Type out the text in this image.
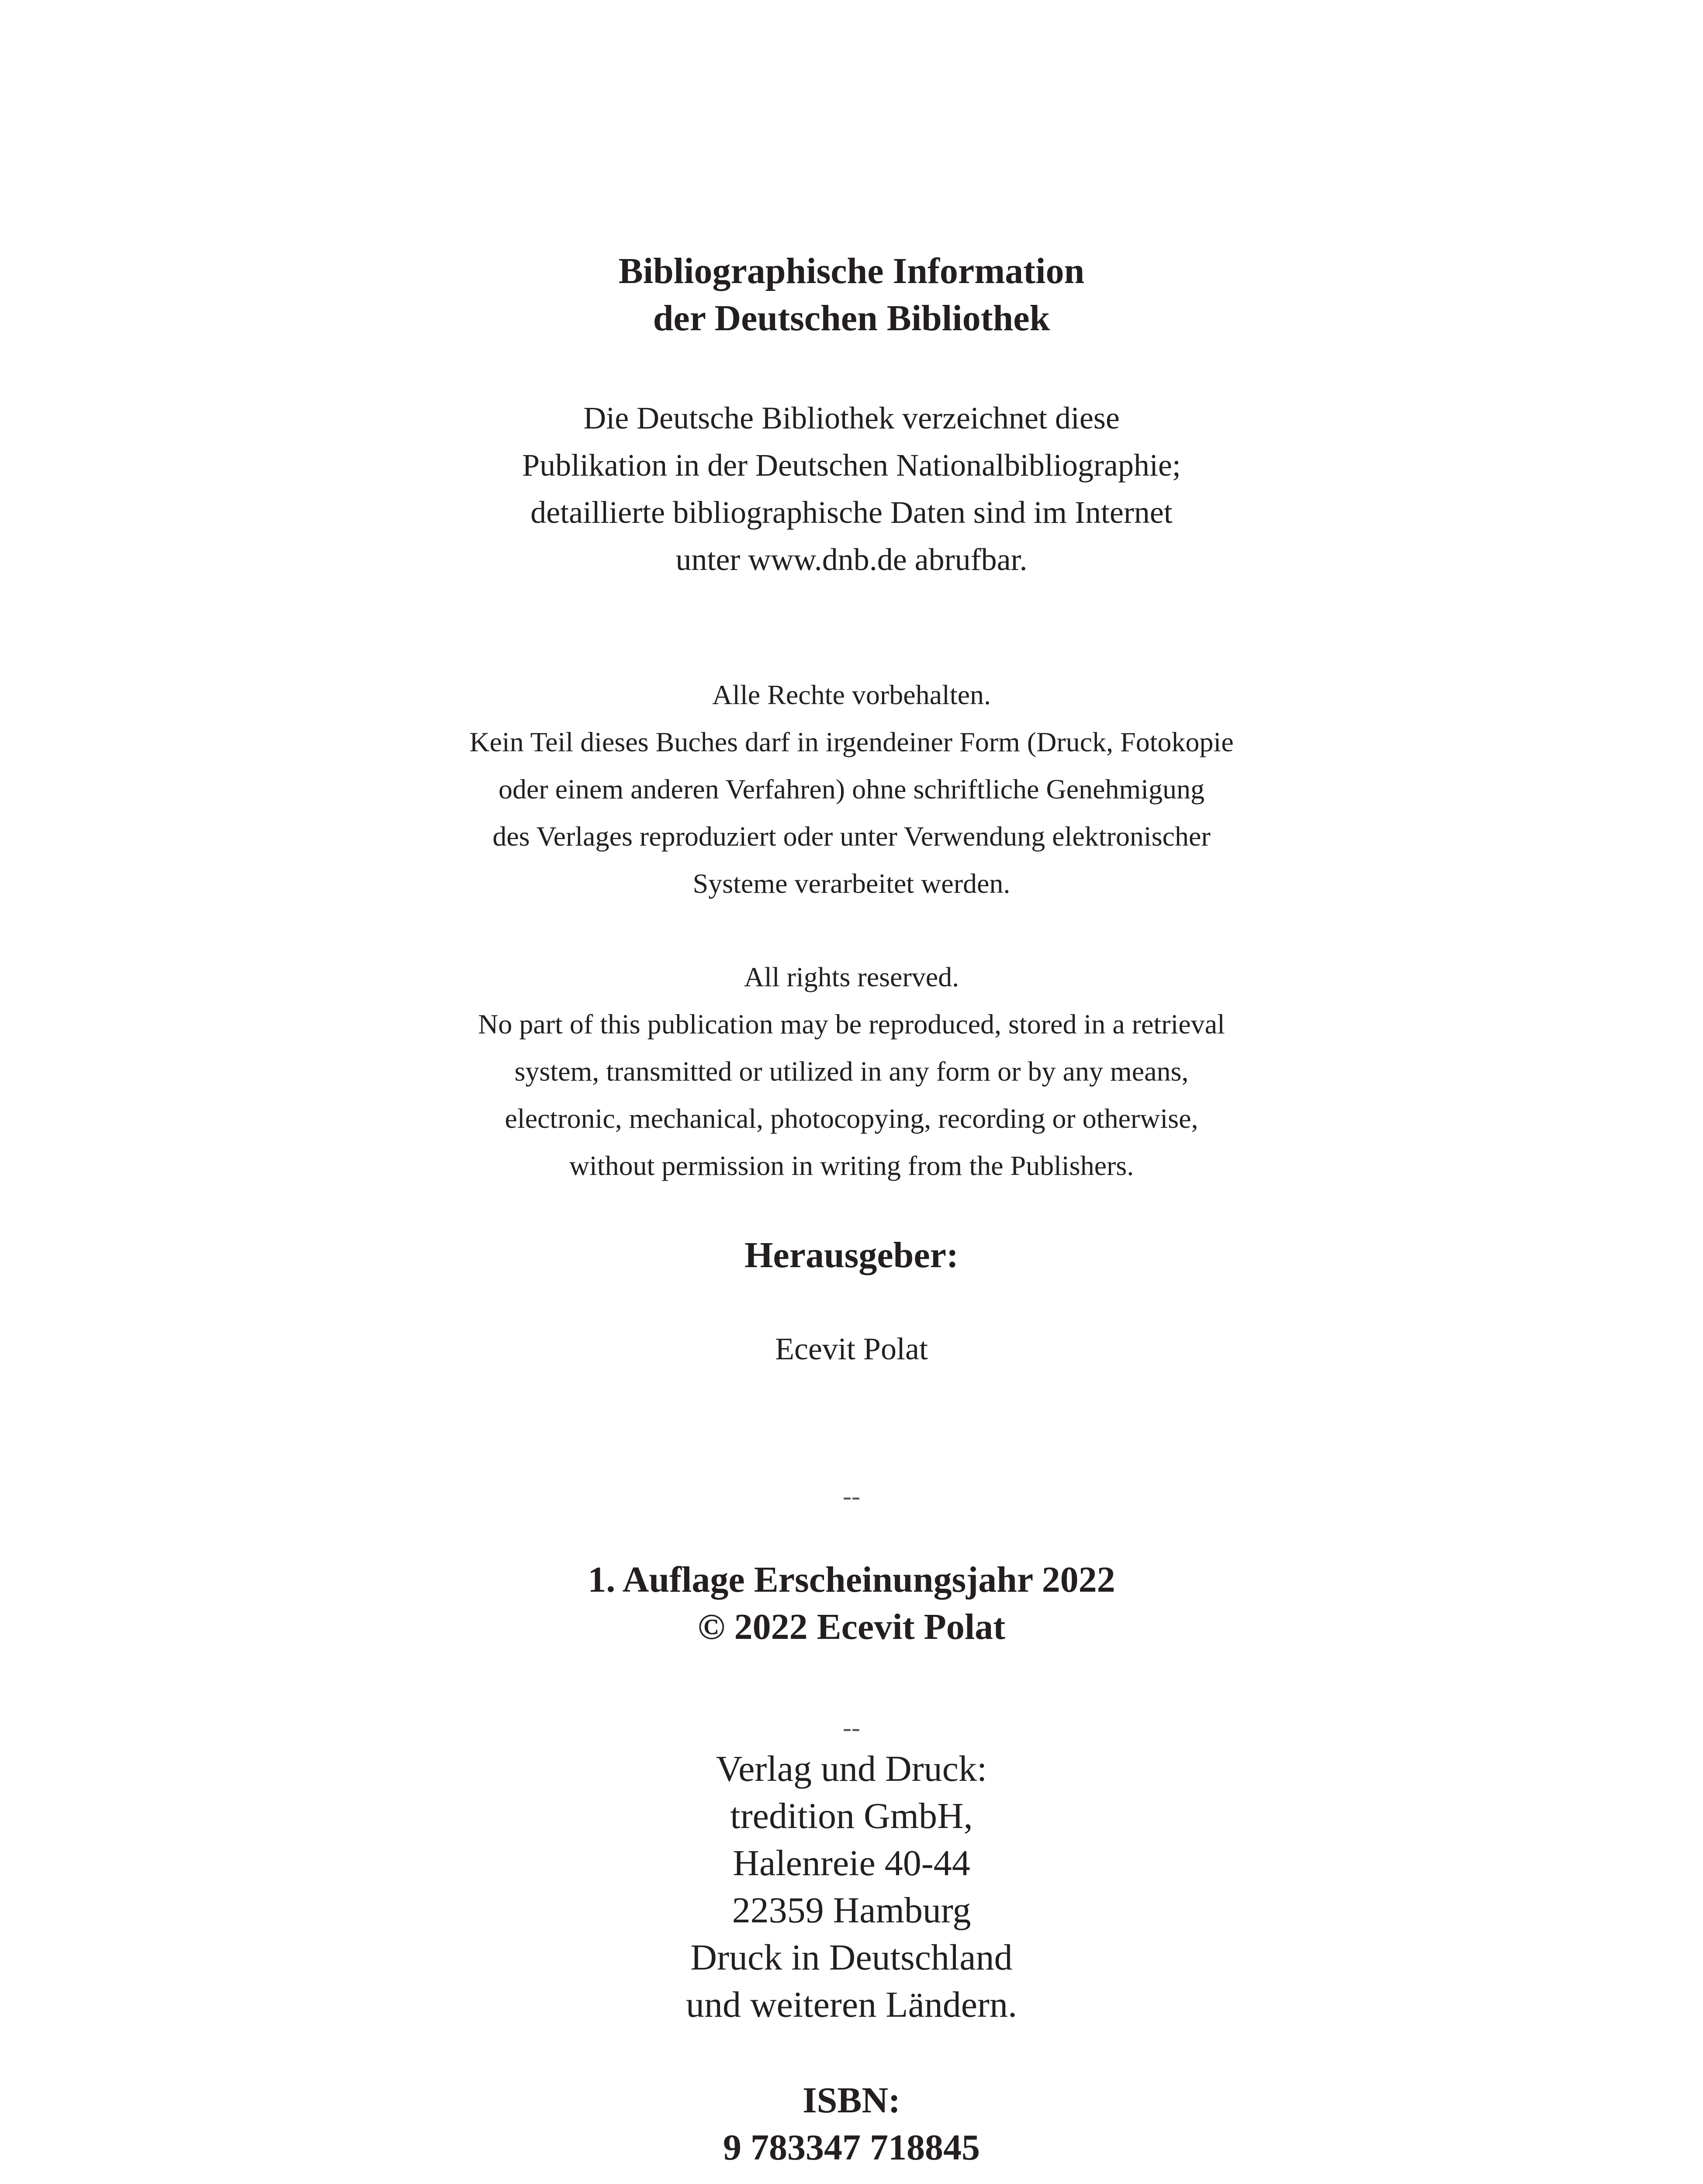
Bibliographische Information

der Deutschen Bibliothek

Die Deutsche Bibliothek verzeichnet diese

Publikation in der Deutschen Nationalbibliographie;

detaillierte bibliographische Daten sind im Internet

unter www.dnb.de abrufbar.

Alle Rechte vorbehalten.

Kein Teil dieses Buches darf in irgendeiner Form (Druck, Fotokopie

oder einem anderen Verfahren) ohne schriftliche Genehmigung

des Verlages reproduziert oder unter Verwendung elektronischer

Systeme verarbeitet werden.

All rights reserved.

No part of this publication may be reproduced, stored in a retrieval

system, transmitted or utilized in any form or by any means,

electronic, mechanical, photocopying, recording or otherwise,

without permission in writing from the Publishers.

Herausgeber:

Ecevit Polat

--

1. Auflage Erscheinungsjahr 2022

© 2022 Ecevit Polat

--

Verlag und Druck:

tredition GmbH,

Halenreie 40-44

22359 Hamburg

Druck in Deutschland

und weiteren Ländern.

ISBN:

9 783347 718845
